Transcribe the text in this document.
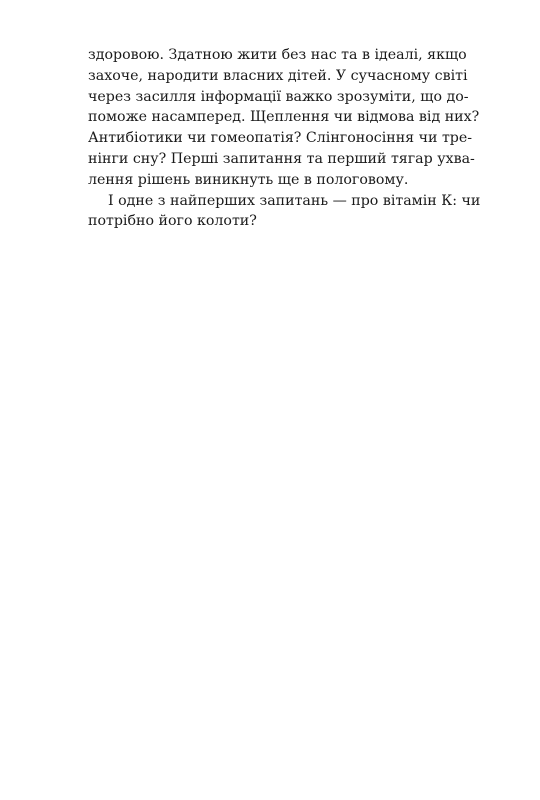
здоровою. Здатною жити без нас та в ідеалі, якщо
захоче, народити власних дітей. У сучасному світі
через засилля інформації важко зрозуміти, що до-
поможе насамперед. Щеплення чи відмова від них?
Антибіотики чи гомеопатія? Слінгоносіння чи тре-
нінги сну? Перші запитання та перший тягар ухва-
лення рішень виникнуть ще в пологовому.
І одне з найперших запитань — про вітамін К: чи
потрібно його колоти?
